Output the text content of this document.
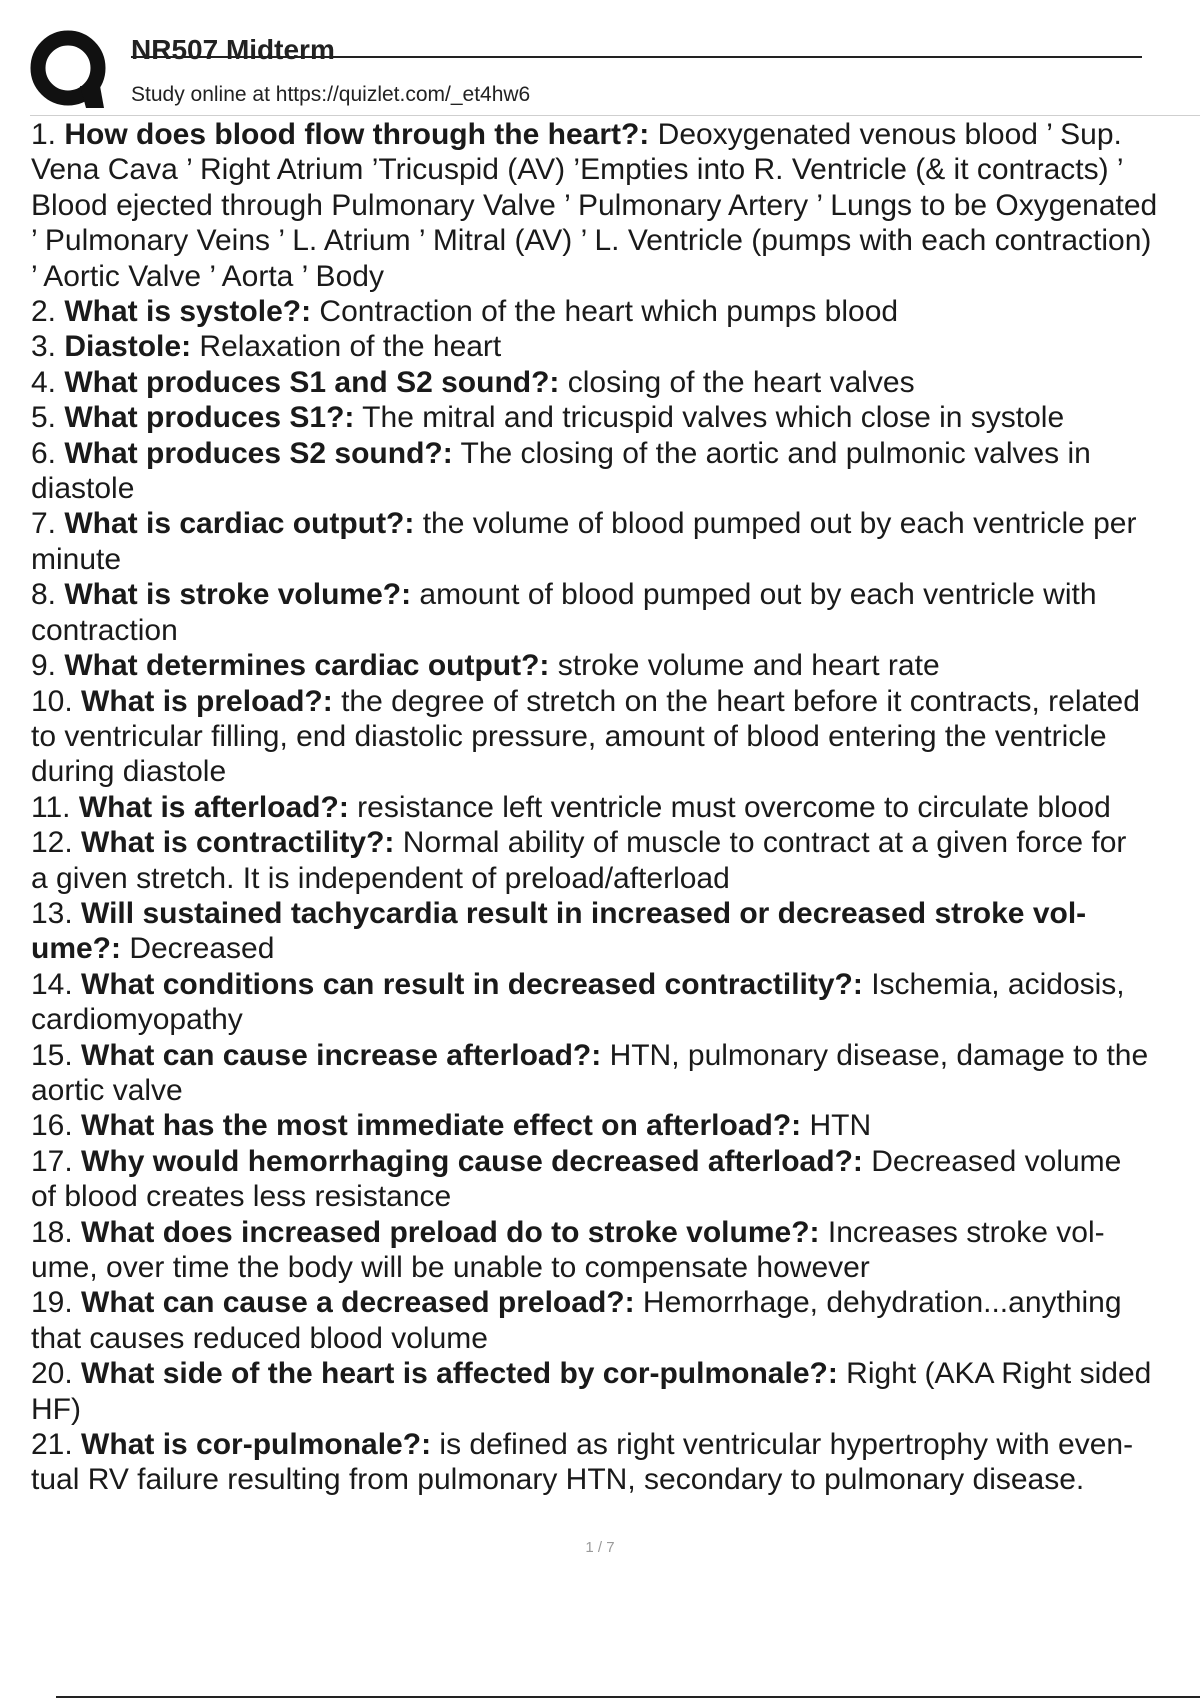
NR507 Midterm
Study online at https://quizlet.com/_et4hw6
1. How does blood flow through the heart?: Deoxygenated venous blood ’ Sup.
Vena Cava ’ Right Atrium ’Tricuspid (AV) ’Empties into R. Ventricle (& it contracts) ’
Blood ejected through Pulmonary Valve ’ Pulmonary Artery ’ Lungs to be Oxygenated
’ Pulmonary Veins ’ L. Atrium ’ Mitral (AV) ’ L. Ventricle (pumps with each contraction)
’ Aortic Valve ’ Aorta ’ Body
2. What is systole?: Contraction of the heart which pumps blood
3. Diastole: Relaxation of the heart
4. What produces S1 and S2 sound?: closing of the heart valves
5. What produces S1?: The mitral and tricuspid valves which close in systole
6. What produces S2 sound?: The closing of the aortic and pulmonic valves in
diastole
7. What is cardiac output?: the volume of blood pumped out by each ventricle per
minute
8. What is stroke volume?: amount of blood pumped out by each ventricle with
contraction
9. What determines cardiac output?: stroke volume and heart rate
10. What is preload?: the degree of stretch on the heart before it contracts, related
to ventricular filling, end diastolic pressure, amount of blood entering the ventricle
during diastole
11. What is afterload?: resistance left ventricle must overcome to circulate blood
12. What is contractility?: Normal ability of muscle to contract at a given force for
a given stretch. It is independent of preload/afterload
13. Will sustained tachycardia result in increased or decreased stroke vol-
ume?: Decreased
14. What conditions can result in decreased contractility?: Ischemia, acidosis,
cardiomyopathy
15. What can cause increase afterload?: HTN, pulmonary disease, damage to the
aortic valve
16. What has the most immediate effect on afterload?: HTN
17. Why would hemorrhaging cause decreased afterload?: Decreased volume
of blood creates less resistance
18. What does increased preload do to stroke volume?: Increases stroke vol-
ume, over time the body will be unable to compensate however
19. What can cause a decreased preload?: Hemorrhage, dehydration...anything
that causes reduced blood volume
20. What side of the heart is affected by cor-pulmonale?: Right (AKA Right sided
HF)
21. What is cor-pulmonale?: is defined as right ventricular hypertrophy with even-
tual RV failure resulting from pulmonary HTN, secondary to pulmonary disease.
1 / 7
